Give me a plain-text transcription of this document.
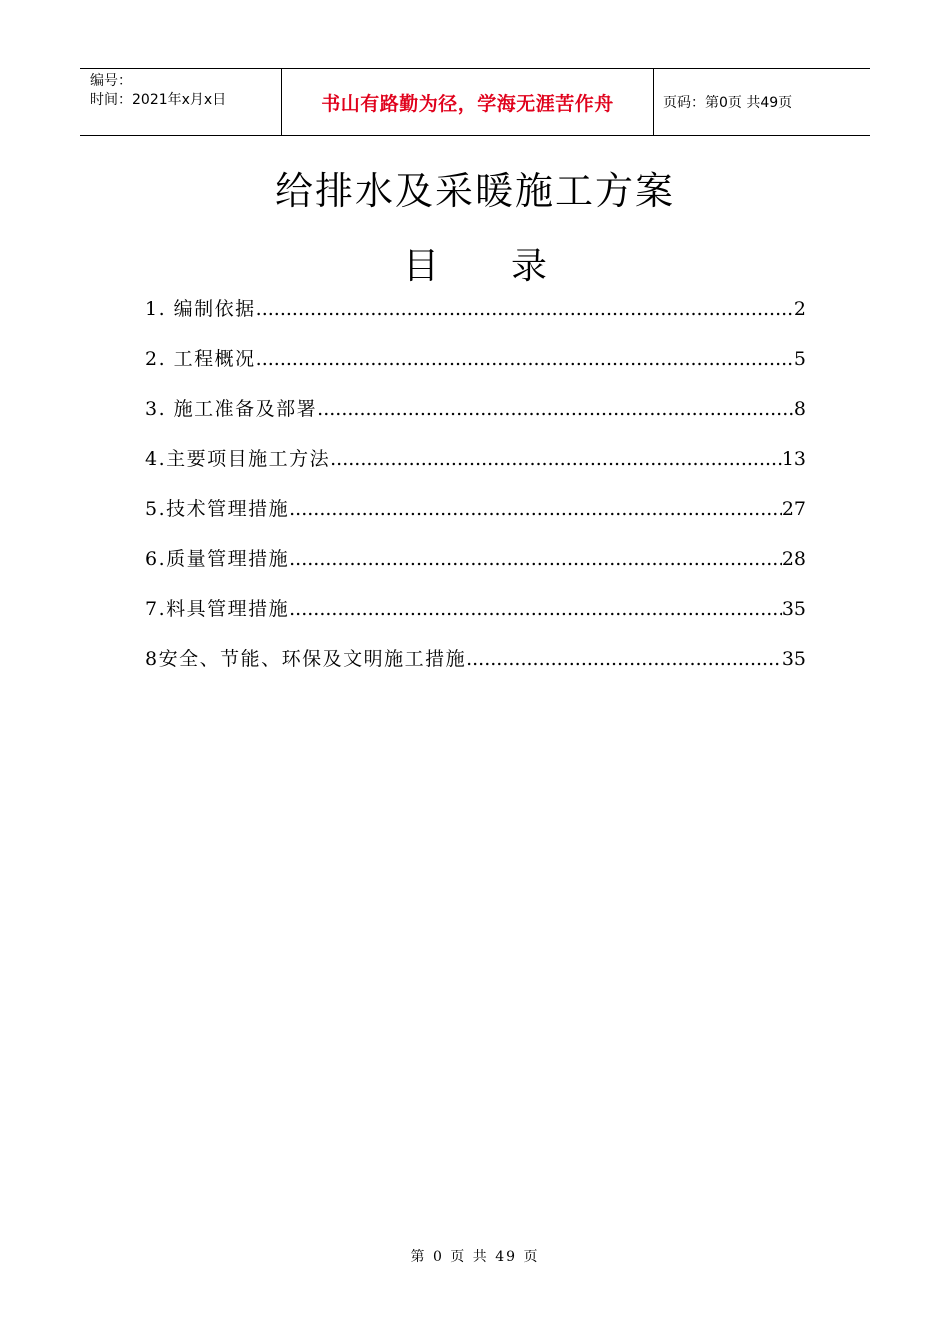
编号：
时间：2021年x月x日	书山有路勤为径，学海无涯苦作舟	页码：第0页 共49页
给排水及采暖施工方案
目 录
1. 编制依据 .....	2
2. 工程概况 .....	5
3. 施工准备及部署 .....	8
4.主要项目施工方法 .....	13
5.技术管理措施 .....	27
6.质量管理措施 .....	28
7.料具管理措施 .....	35
8安全、节能、环保及文明施工措施 .....	35
第 0 页 共 49 页
